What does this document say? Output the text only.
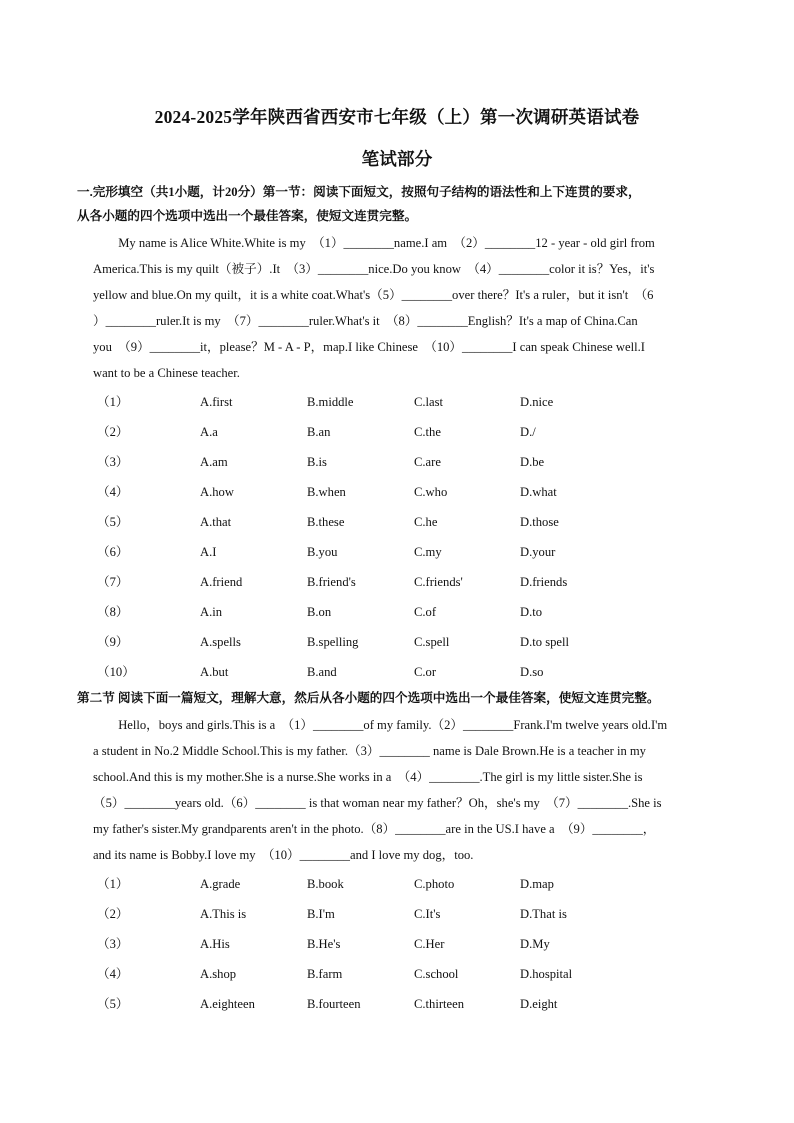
2024-2025学年陕西省西安市七年级（上）第一次调研英语试卷
笔试部分
一.完形填空（共1小题，计20分）第一节：阅读下面短文，按照句子结构的语法性和上下连贯的要求，
从各小题的四个选项中选出一个最佳答案，使短文连贯完整。
　　My name is Alice White.White is my　（1）________name.I am　（2）________12 - year - old girl from
America.This is my quilt（被子）.It　（3）________nice.Do you know　（4）________color it is？Yes，it's
yellow and blue.On my quilt，it is a white coat.What's（5）________over there？It's a ruler，but it isn't　（6
）________ruler.It is my　（7）________ruler.What's it　（8）________English？It's a map of China.Can
you　（9）________it，please？M - A - P，map.I like Chinese　（10）________I can speak Chinese well.I
want to be a Chinese teacher.
（1）	A.first	B.middle	C.last	D.nice
（2）	A.a	B.an	C.the	D./
（3）	A.am	B.is	C.are	D.be
（4）	A.how	B.when	C.who	D.what
（5）	A.that	B.these	C.he	D.those
（6）	A.I	B.you	C.my	D.your
（7）	A.friend	B.friend's	C.friends'	D.friends
（8）	A.in	B.on	C.of	D.to
（9）	A.spells	B.spelling	C.spell	D.to spell
（10）	A.but	B.and	C.or	D.so
第二节 阅读下面一篇短文，理解大意，然后从各小题的四个选项中选出一个最佳答案，使短文连贯完整。
　　Hello，boys and girls.This is a　（1）________of my family.（2）________Frank.I'm twelve years old.I'm
a student in No.2 Middle School.This is my father.（3）________ name is Dale Brown.He is a teacher in my
school.And this is my mother.She is a nurse.She works in a　（4）________.The girl is my little sister.She is
（5）________years old.（6）________ is that woman near my father？Oh，she's my　（7）________.She is
my father's sister.My grandparents aren't in the photo.（8）________are in the US.I have a　（9）________，
and its name is Bobby.I love my　（10）________and I love my dog，too.
（1）	A.grade	B.book	C.photo	D.map
（2）	A.This is	B.I'm	C.It's	D.That is
（3）	A.His	B.He's	C.Her	D.My
（4）	A.shop	B.farm	C.school	D.hospital
（5）	A.eighteen	B.fourteen	C.thirteen	D.eight
